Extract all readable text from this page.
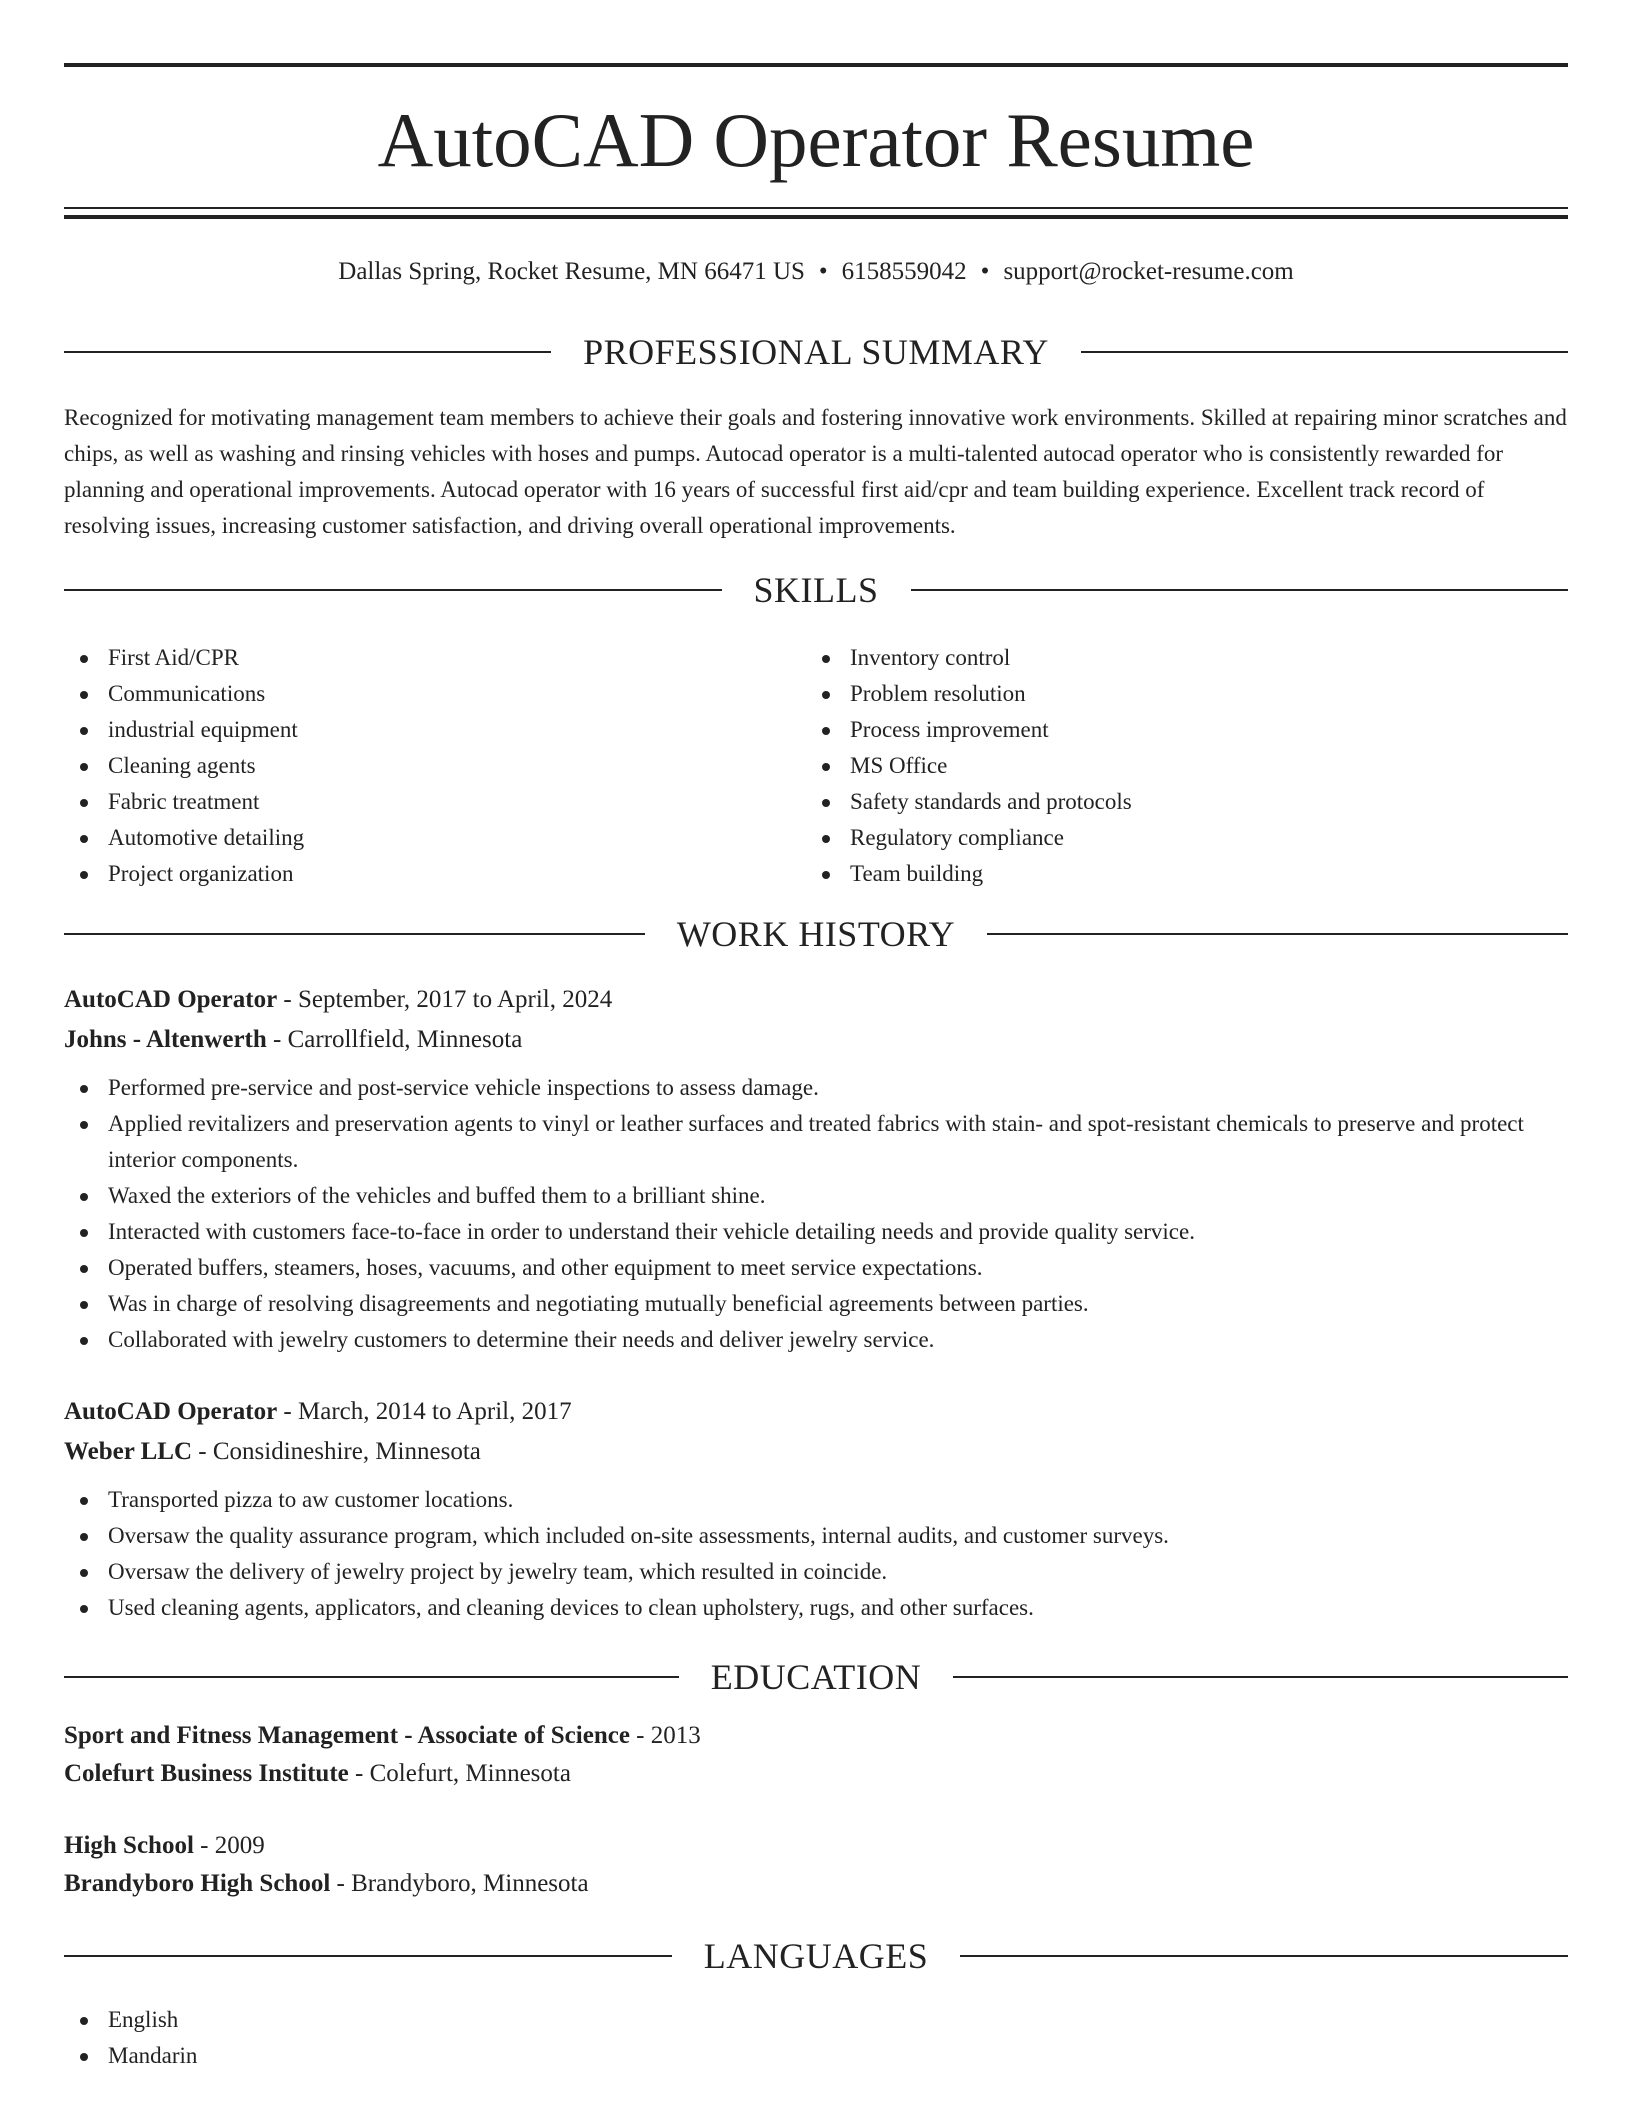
AutoCAD Operator Resume
Dallas Spring, Rocket Resume, MN 66471 US • 6158559042 • support@rocket-resume.com
PROFESSIONAL SUMMARY

Recognized for motivating management team members to achieve their goals and fostering innovative work environments. Skilled at repairing minor scratches and chips, as well as washing and rinsing vehicles with hoses and pumps. Autocad operator is a multi-talented autocad operator who is consistently rewarded for planning and operational improvements. Autocad operator with 16 years of successful first aid/cpr and team building experience. Excellent track record of resolving issues, increasing customer satisfaction, and driving overall operational improvements.

SKILLS
First Aid/CPR
Communications
industrial equipment
Cleaning agents
Fabric treatment
Automotive detailing
Project organization
Inventory control
Problem resolution
Process improvement
MS Office
Safety standards and protocols
Regulatory compliance
Team building
WORK HISTORY
AutoCAD Operator - September, 2017 to April, 2024
Johns - Altenwerth - Carrollfield, Minnesota
Performed pre-service and post-service vehicle inspections to assess damage.
Applied revitalizers and preservation agents to vinyl or leather surfaces and treated fabrics with stain- and spot-resistant chemicals to preserve and protect interior components.
Waxed the exteriors of the vehicles and buffed them to a brilliant shine.
Interacted with customers face-to-face in order to understand their vehicle detailing needs and provide quality service.
Operated buffers, steamers, hoses, vacuums, and other equipment to meet service expectations.
Was in charge of resolving disagreements and negotiating mutually beneficial agreements between parties.
Collaborated with jewelry customers to determine their needs and deliver jewelry service.
AutoCAD Operator - March, 2014 to April, 2017
Weber LLC - Considineshire, Minnesota
Transported pizza to aw customer locations.
Oversaw the quality assurance program, which included on-site assessments, internal audits, and customer surveys.
Oversaw the delivery of jewelry project by jewelry team, which resulted in coincide.
Used cleaning agents, applicators, and cleaning devices to clean upholstery, rugs, and other surfaces.
EDUCATION
Sport and Fitness Management - Associate of Science - 2013
Colefurt Business Institute - Colefurt, Minnesota
High School - 2009
Brandyboro High School - Brandyboro, Minnesota
LANGUAGES
English
Mandarin
